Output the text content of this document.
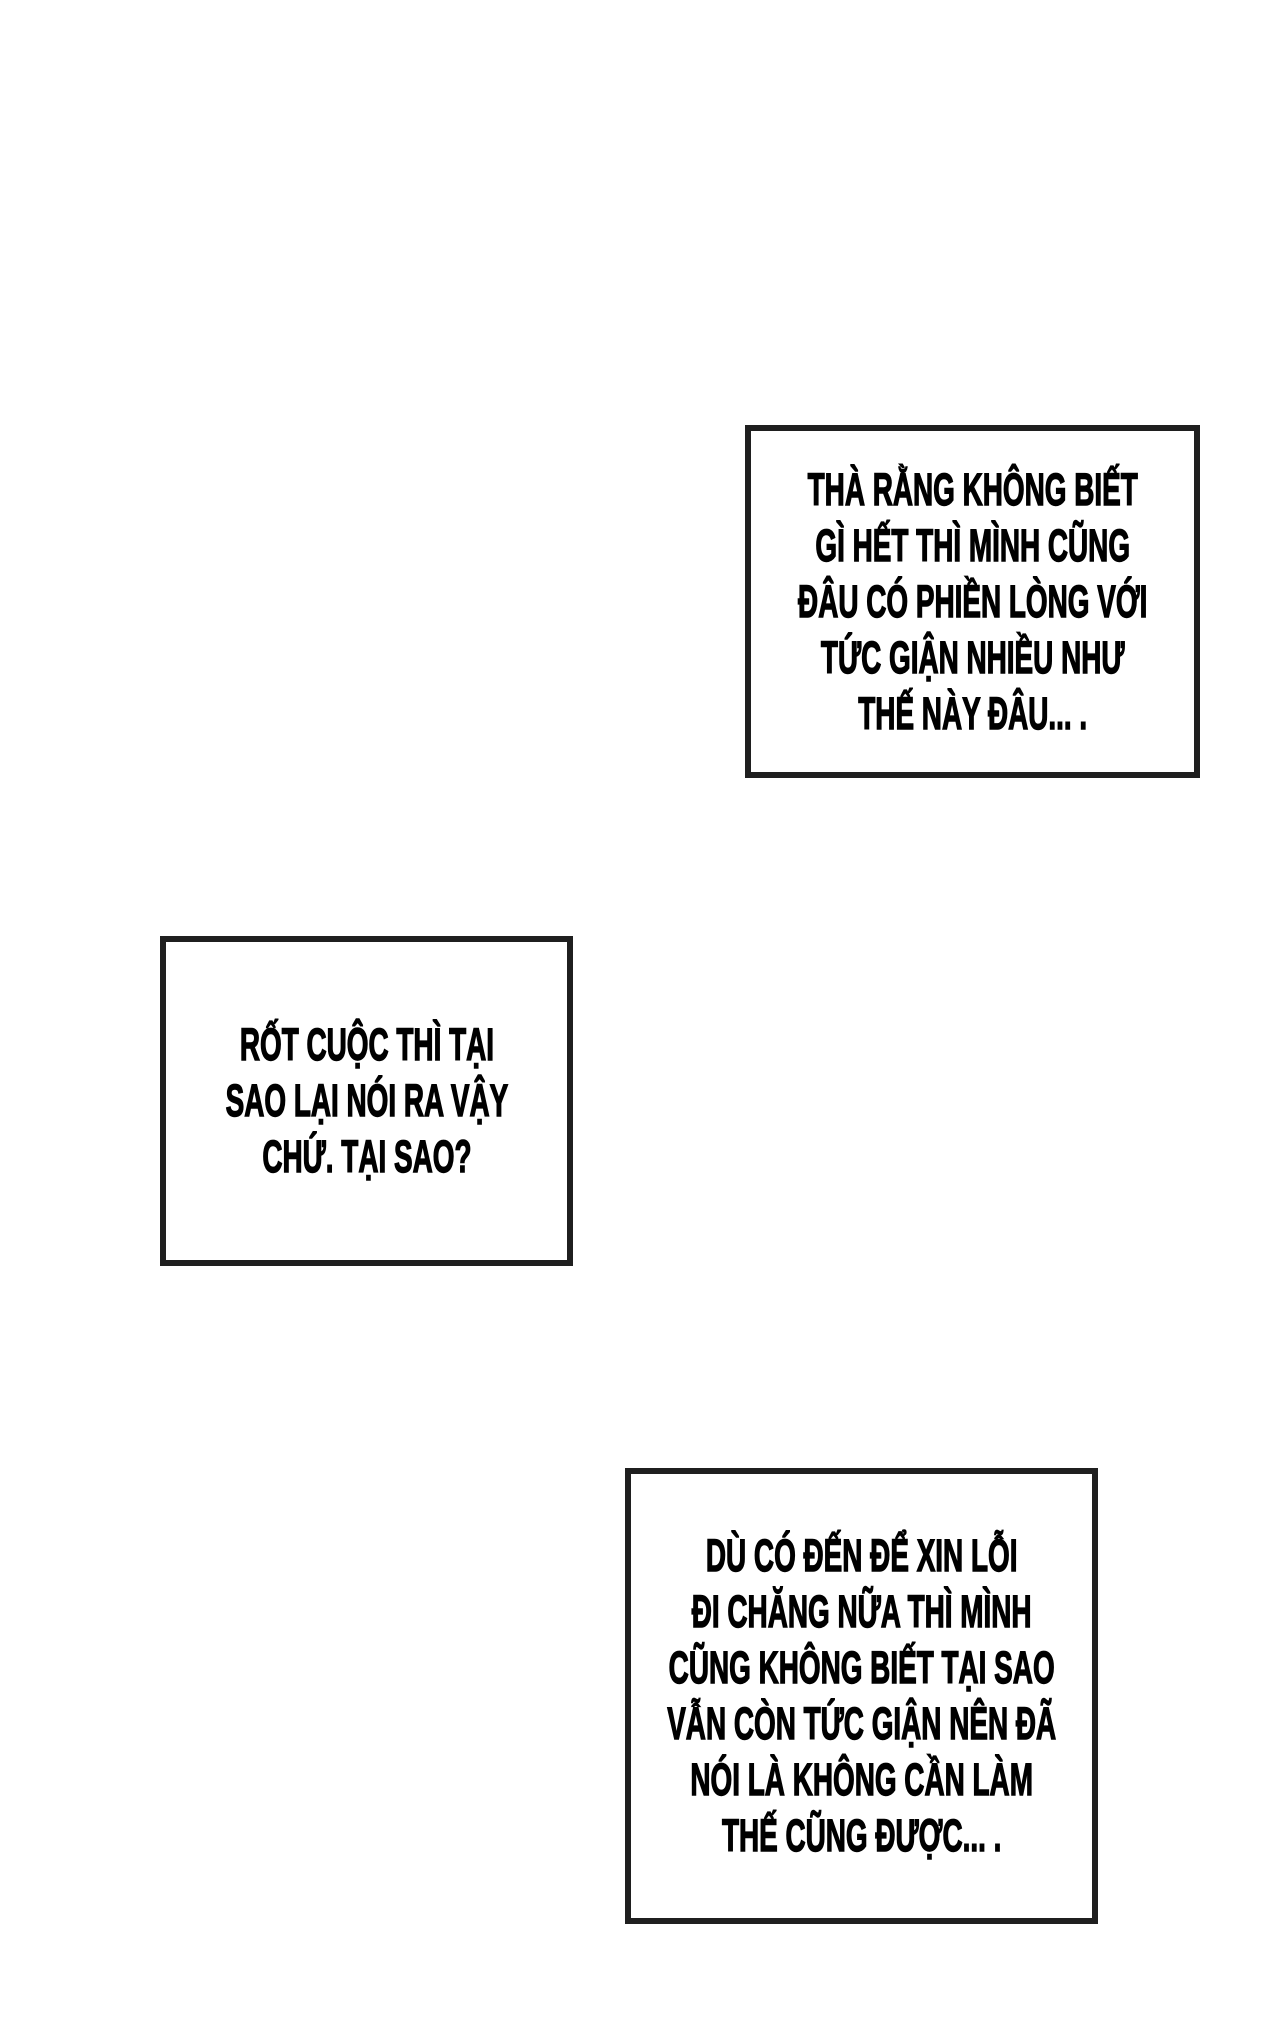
THÀ RẰNG KHÔNG BIẾT
GÌ HẾT THÌ MÌNH CŨNG
ĐÂU CÓ PHIỀN LÒNG VỚI
TỨC GIẬN NHIỀU NHƯ
THẾ NÀY ĐÂU... .
RỐT CUỘC THÌ TẠI
SAO LẠI NÓI RA VẬY
CHỨ. TẠI SAO?
DÙ CÓ ĐẾN ĐỂ XIN LỖI
ĐI CHĂNG NỮA THÌ MÌNH
CŨNG KHÔNG BIẾT TẠI SAO
VẪN CÒN TỨC GIẬN NÊN ĐÃ
NÓI LÀ KHÔNG CẦN LÀM
THẾ CŨNG ĐƯỢC... .
